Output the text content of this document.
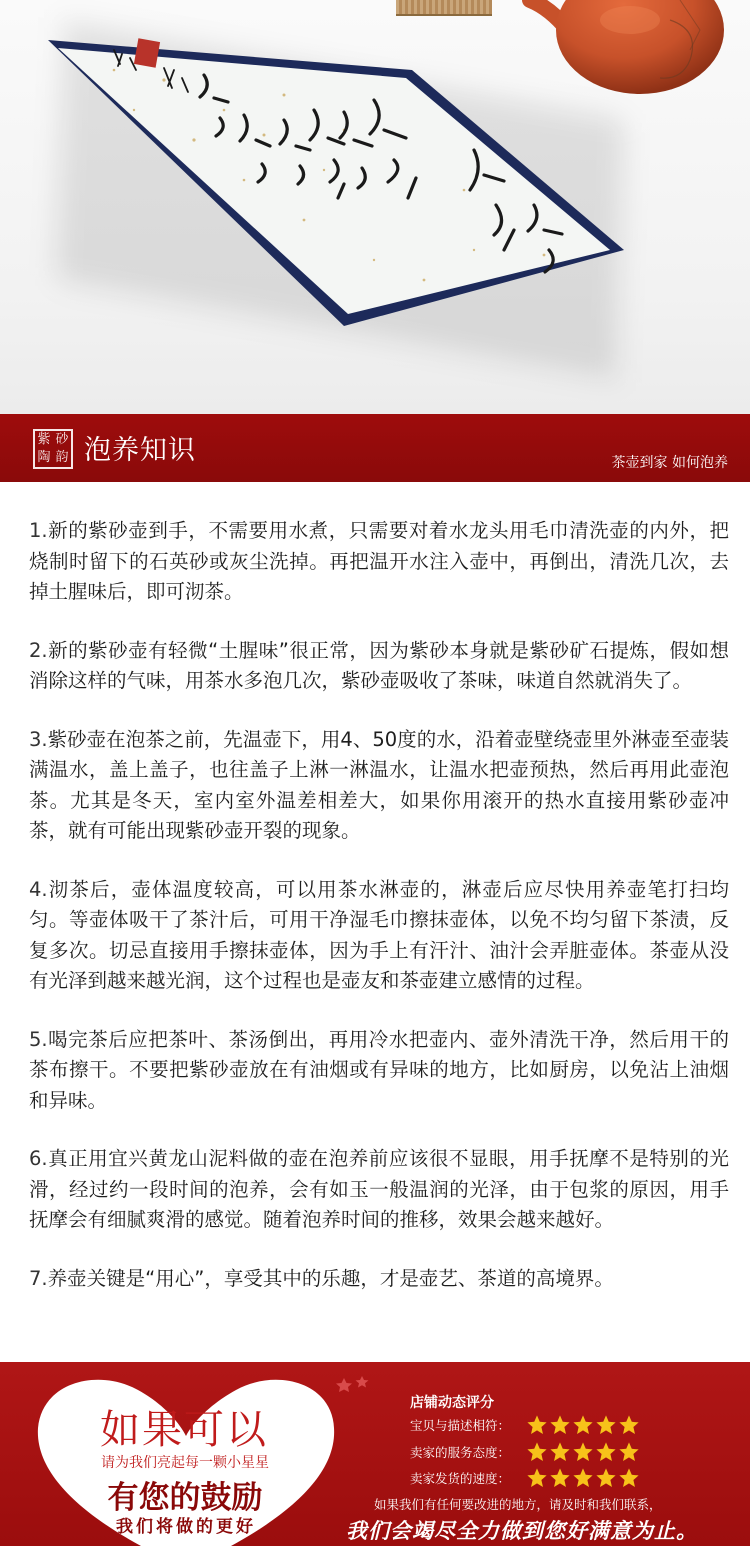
紫 砂
陶 韵 泡养知识	茶壶到家 如何泡养

1.新的紫砂壶到手，不需要用水煮，只需要对着水龙头用毛巾清洗壶的内外，把烧制时留下的石英砂或灰尘洗掉。再把温开水注入壶中，再倒出，清洗几次，去掉土腥味后，即可沏茶。

2.新的紫砂壶有轻微“土腥味”很正常，因为紫砂本身就是紫砂矿石提炼，假如想消除这样的气味，用茶水多泡几次，紫砂壶吸收了茶味，味道自然就消失了。

3.紫砂壶在泡茶之前，先温壶下，用4、50度的水，沿着壶壁绕壶里外淋壶至壶装满温水，盖上盖子，也往盖子上淋一淋温水，让温水把壶预热，然后再用此壶泡茶。尤其是冬天，室内室外温差相差大，如果你用滚开的热水直接用紫砂壶冲茶，就有可能出现紫砂壶开裂的现象。

4.沏茶后，壶体温度较高，可以用茶水淋壶的，淋壶后应尽快用养壶笔打扫均匀。等壶体吸干了茶汁后，可用干净湿毛巾擦抹壶体，以免不均匀留下茶渍，反复多次。切忌直接用手擦抹壶体，因为手上有汗汁、油汁会弄脏壶体。茶壶从没有光泽到越来越光润，这个过程也是壶友和茶壶建立感情的过程。

5.喝完茶后应把茶叶、茶汤倒出，再用冷水把壶内、壶外清洗干净，然后用干的茶布擦干。不要把紫砂壶放在有油烟或有异味的地方，比如厨房，以免沾上油烟和异味。

6.真正用宜兴黄龙山泥料做的壶在泡养前应该很不显眼，用手抚摩不是特别的光滑，经过约一段时间的泡养，会有如玉一般温润的光泽，由于包浆的原因，用手抚摩会有细腻爽滑的感觉。随着泡养时间的推移，效果会越来越好。

7.养壶关键是“用心”，享受其中的乐趣，才是壶艺、茶道的高境界。

如果可以
请为我们亮起每一颗小星星
有您的鼓励
我们将做的更好
店铺动态评分
宝贝与描述相符：
卖家的服务态度：
卖家发货的速度：
如果我们有任何要改进的地方，请及时和我们联系，
我们会竭尽全力做到您好满意为止。
